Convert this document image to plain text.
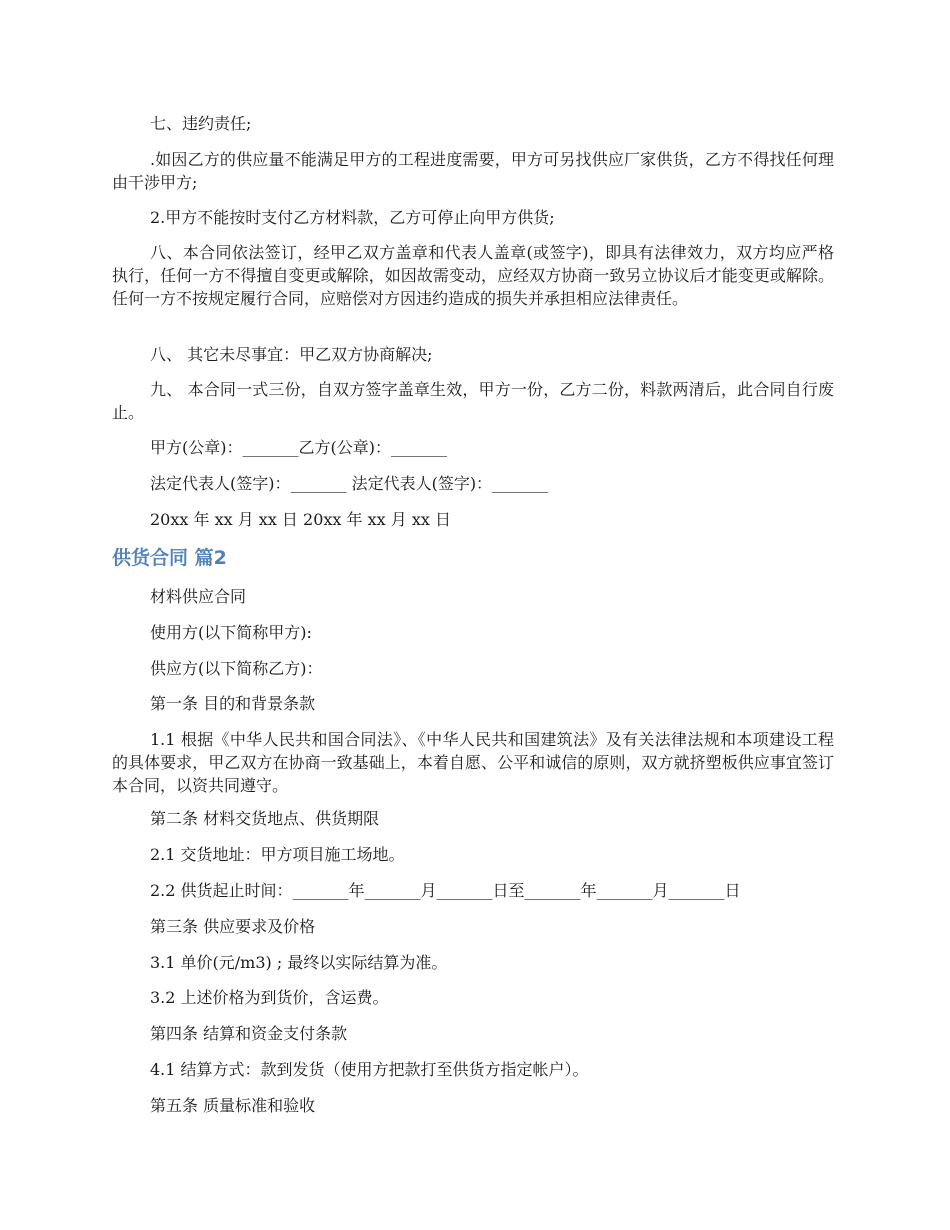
七、违约责任;

.如因乙方的供应量不能满足甲方的工程进度需要，甲方可另找供应厂家供货，乙方不得找任何理由干涉甲方;

2.甲方不能按时支付乙方材料款，乙方可停止向甲方供货;

八、本合同依法签订，经甲乙双方盖章和代表人盖章(或签字)，即具有法律效力，双方均应严格执行，任何一方不得擅自变更或解除，如因故需变动，应经双方协商一致另立协议后才能变更或解除。任何一方不按规定履行合同，应赔偿对方因违约造成的损失并承担相应法律责任。

八、 其它未尽事宜：甲乙双方协商解决;

九、 本合同一式三份，自双方签字盖章生效，甲方一份，乙方二份，料款两清后，此合同自行废止。

甲方(公章)：_______乙方(公章)：_______

法定代表人(签字)：_______ 法定代表人(签字)：_______

20xx 年 xx 月 xx 日 20xx 年 xx 月 xx 日

供货合同 篇2

材料供应合同

使用方(以下简称甲方):

供应方(以下简称乙方)：

第一条 目的和背景条款

1.1 根据《中华人民共和国合同法》、《中华人民共和国建筑法》及有关法律法规和本项建设工程的具体要求，甲乙双方在协商一致基础上，本着自愿、公平和诚信的原则，双方就挤塑板供应事宜签订本合同，以资共同遵守。

第二条 材料交货地点、供货期限

2.1 交货地址：甲方项目施工场地。

2.2 供货起止时间：_______年_______月_______日至_______年_______月_______日

第三条 供应要求及价格

3.1 单价(元/m3) ; 最终以实际结算为准。

3.2 上述价格为到货价，含运费。

第四条 结算和资金支付条款

4.1 结算方式：款到发货（使用方把款打至供货方指定帐户）。

第五条 质量标准和验收
